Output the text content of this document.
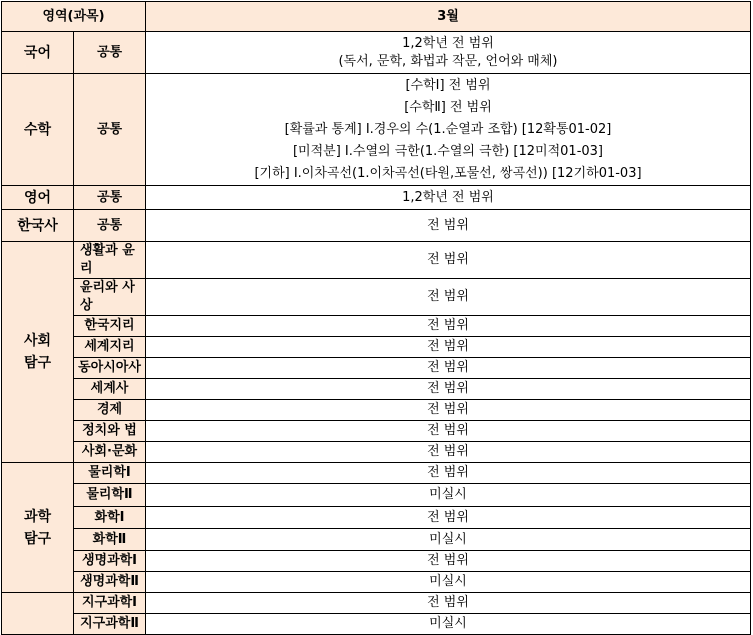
영역(과목)		3월
국어	공통	1,2학년 전 범위
(독서, 문학, 화법과 작문, 언어와 매체)

수학	공통	[수학Ⅰ] 전 범위
[수학Ⅱ] 전 범위
[확률과 통계] Ⅰ.경우의 수(1.순열과 조합) [12확통01-02]
[미적분] Ⅰ.수열의 극한(1.수열의 극한) [12미적01-03]
[기하] Ⅰ.이차곡선(1.이차곡선(타원,포물선, 쌍곡선)) [12기하01-03]

영어	공통	1,2학년 전 범위
한국사	공통	전 범위

사회
탐구	생활과 윤리	전 범위
	윤리와 사상	전 범위
	한국지리	전 범위
	세계지리	전 범위
	동아시아사	전 범위
	세계사	전 범위
	경제	전 범위
	정치와 법	전 범위
	사회·문화	전 범위

과학
탐구	물리학Ⅰ	전 범위
	물리학Ⅱ	미실시
	화학Ⅰ	전 범위
	화학Ⅱ	미실시
	생명과학Ⅰ	전 범위
	생명과학Ⅱ	미실시
	지구과학Ⅰ	전 범위
	지구과학Ⅱ	미실시
